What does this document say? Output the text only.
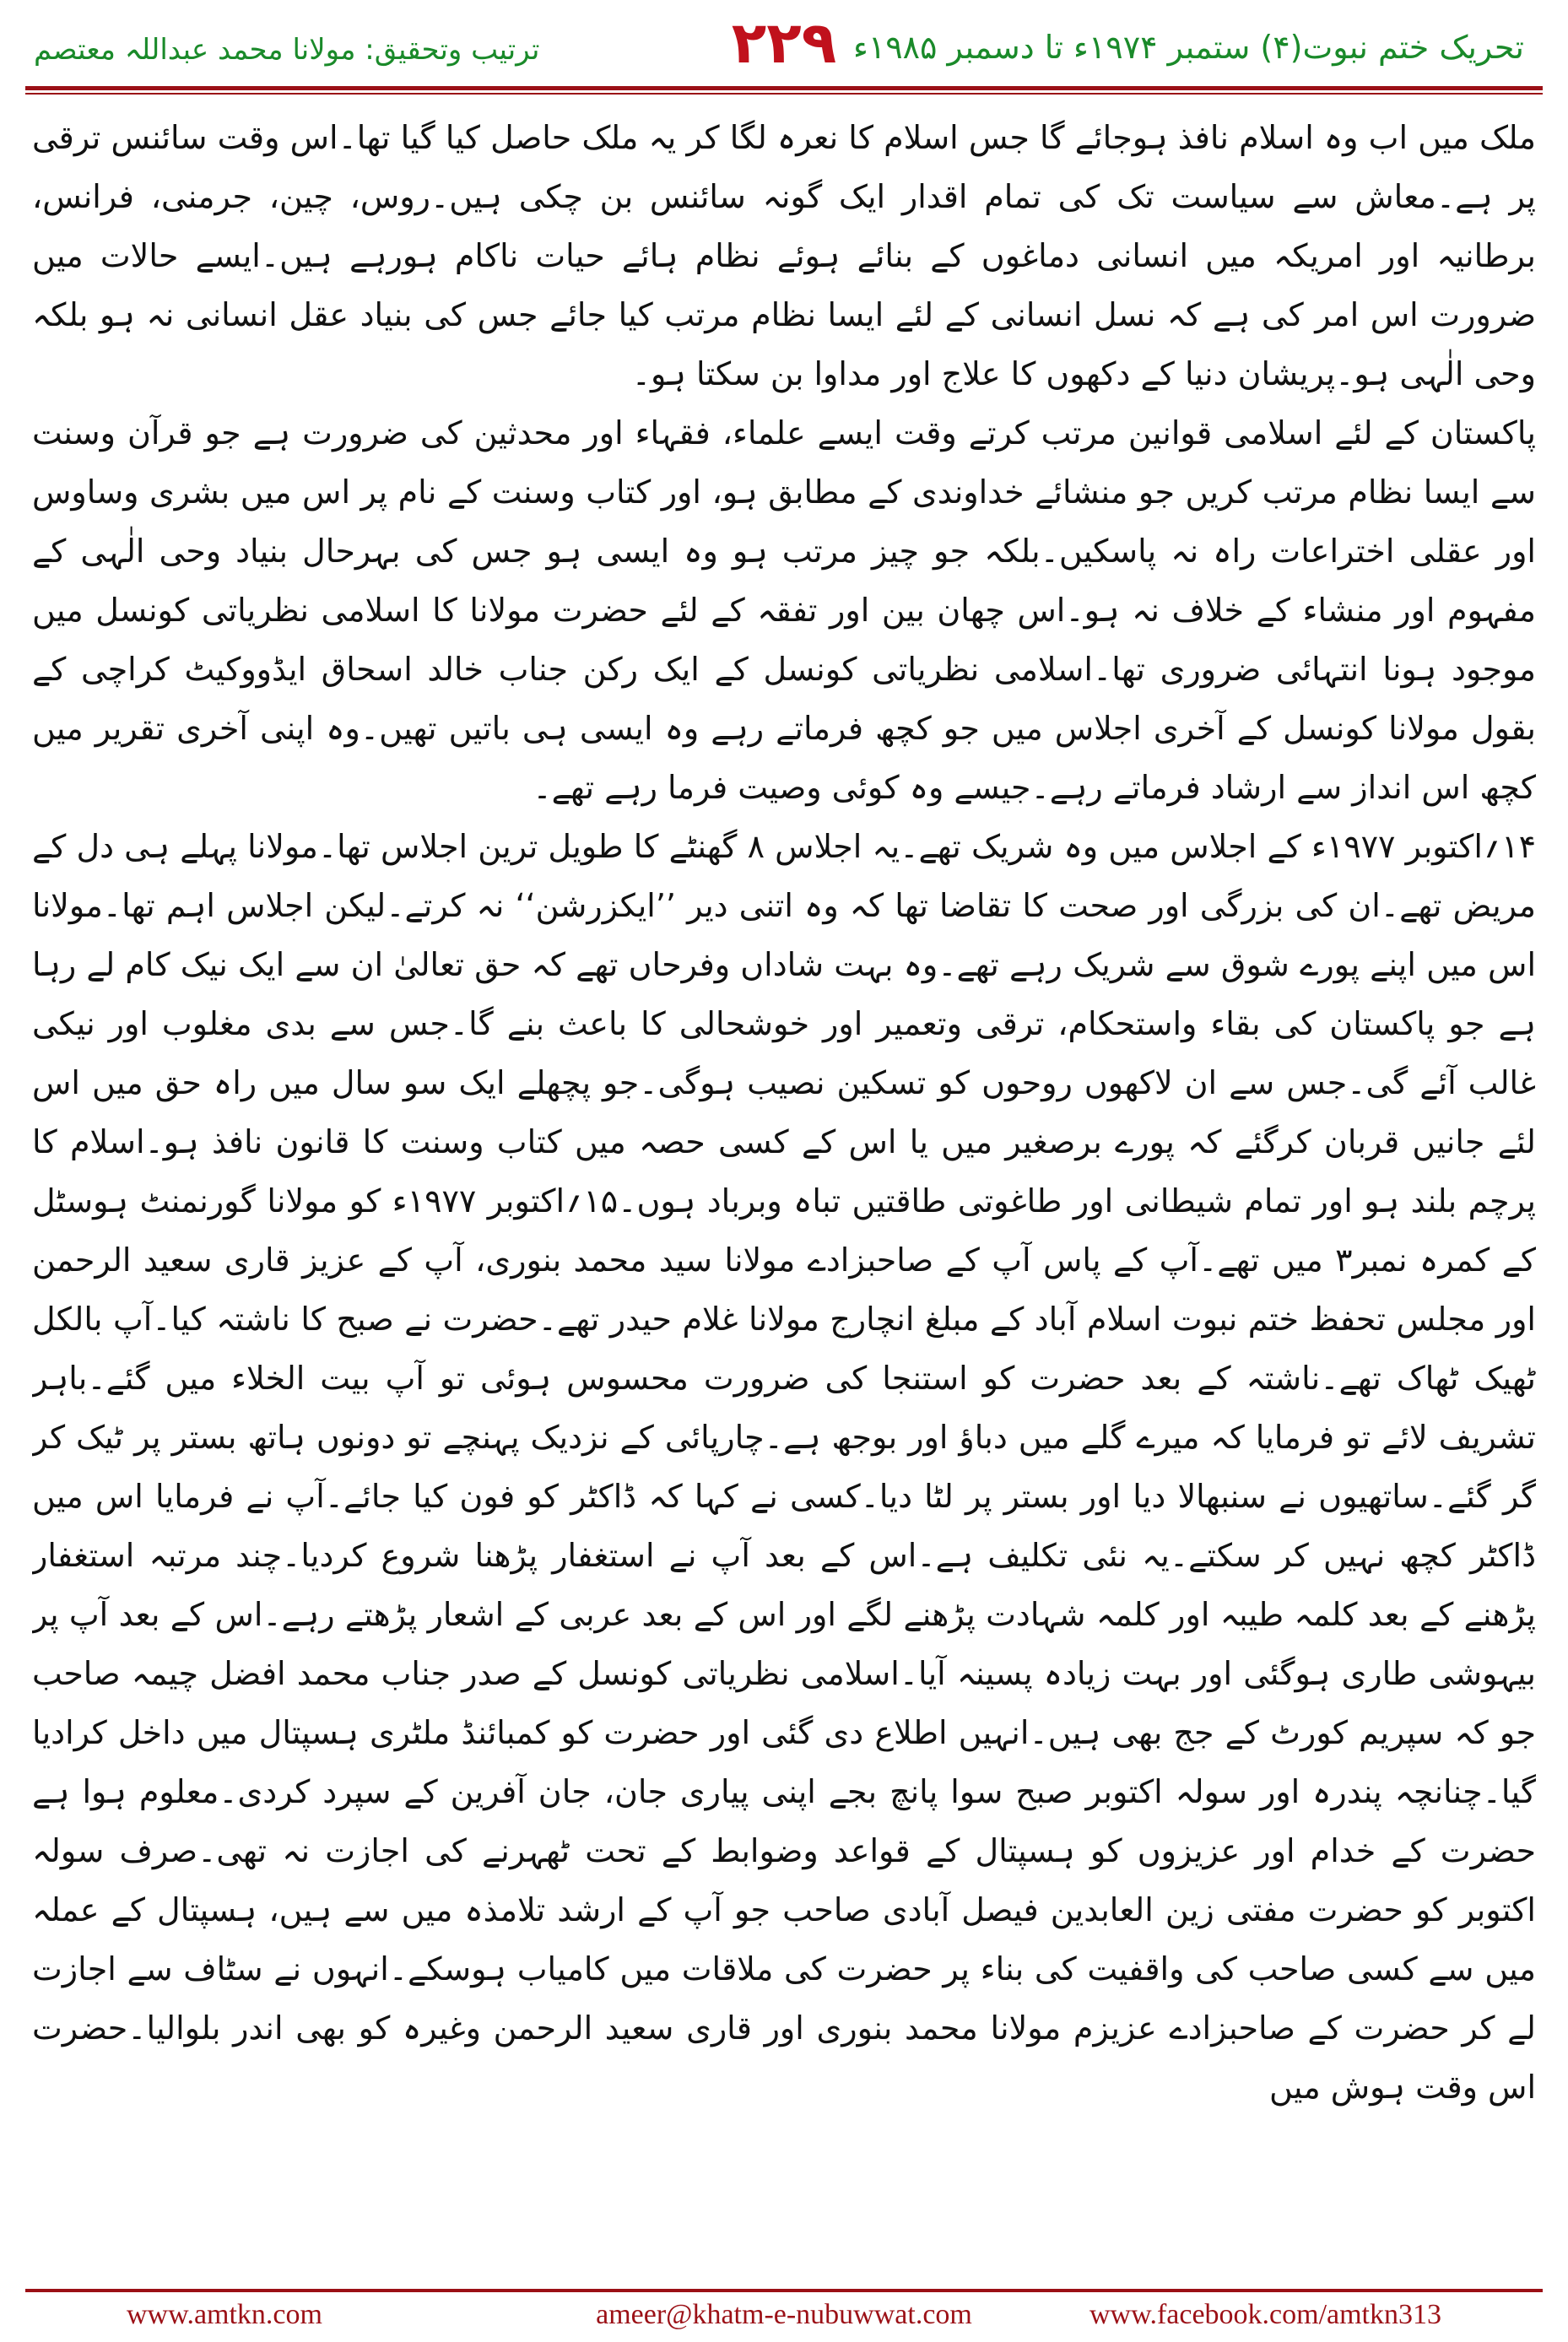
تحریک ختم نبوت(۴) ستمبر ۱۹۷۴ء تا دسمبر ۱۹۸۵ء
۲۲۹
ترتیب وتحقیق: مولانا محمد عبداللہ معتصم

ملک میں اب وہ اسلام نافذ ہوجائے گا جس اسلام کا نعرہ لگا کر یہ ملک حاصل کیا گیا تھا۔اس وقت سائنس ترقی پر ہے۔معاش سے سیاست تک کی تمام اقدار ایک گونہ سائنس بن چکی ہیں۔روس، چین، جرمنی، فرانس، برطانیہ اور امریکہ میں انسانی دماغوں کے بنائے ہوئے نظام ہائے حیات ناکام ہورہے ہیں۔ایسے حالات میں ضرورت اس امر کی ہے کہ نسل انسانی کے لئے ایسا نظام مرتب کیا جائے جس کی بنیاد عقل انسانی نہ ہو بلکہ وحی الٰہی ہو۔پریشان دنیا کے دکھوں کا علاج اور مداوا بن سکتا ہو۔

پاکستان کے لئے اسلامی قوانین مرتب کرتے وقت ایسے علماء، فقہاء اور محدثین کی ضرورت ہے جو قرآن وسنت سے ایسا نظام مرتب کریں جو منشائے خداوندی کے مطابق ہو، اور کتاب وسنت کے نام پر اس میں بشری وساوس اور عقلی اختراعات راہ نہ پاسکیں۔بلکہ جو چیز مرتب ہو وہ ایسی ہو جس کی بہرحال بنیاد وحی الٰہی کے مفہوم اور منشاء کے خلاف نہ ہو۔اس چھان بین اور تفقہ کے لئے حضرت مولانا کا اسلامی نظریاتی کونسل میں موجود ہونا انتہائی ضروری تھا۔اسلامی نظریاتی کونسل کے ایک رکن جناب خالد اسحاق ایڈووکیٹ کراچی کے بقول مولانا کونسل کے آخری اجلاس میں جو کچھ فرماتے رہے وہ ایسی ہی باتیں تھیں۔وہ اپنی آخری تقریر میں کچھ اس انداز سے ارشاد فرماتے رہے۔جیسے وہ کوئی وصیت فرما رہے تھے۔

۱۴؍اکتوبر ۱۹۷۷ء کے اجلاس میں وہ شریک تھے۔یہ اجلاس ۸ گھنٹے کا طویل ترین اجلاس تھا۔مولانا پہلے ہی دل کے مریض تھے۔ان کی بزرگی اور صحت کا تقاضا تھا کہ وہ اتنی دیر ’’ایکزرشن‘‘ نہ کرتے۔لیکن اجلاس اہم تھا۔مولانا اس میں اپنے پورے شوق سے شریک رہے تھے۔وہ بہت شاداں وفرحاں تھے کہ حق تعالیٰ ان سے ایک نیک کام لے رہا ہے جو پاکستان کی بقاء واستحکام، ترقی وتعمیر اور خوشحالی کا باعث بنے گا۔جس سے بدی مغلوب اور نیکی غالب آئے گی۔جس سے ان لاکھوں روحوں کو تسکین نصیب ہوگی۔جو پچھلے ایک سو سال میں راہ حق میں اس لئے جانیں قربان کرگئے کہ پورے برصغیر میں یا اس کے کسی حصہ میں کتاب وسنت کا قانون نافذ ہو۔اسلام کا پرچم بلند ہو اور تمام شیطانی اور طاغوتی طاقتیں تباہ وبرباد ہوں۔۱۵؍اکتوبر ۱۹۷۷ء کو مولانا گورنمنٹ ہوسٹل کے کمرہ نمبر۳ میں تھے۔آپ کے پاس آپ کے صاحبزادے مولانا سید محمد بنوری، آپ کے عزیز قاری سعید الرحمن اور مجلس تحفظ ختم نبوت اسلام آباد کے مبلغ انچارج مولانا غلام حیدر تھے۔حضرت نے صبح کا ناشتہ کیا۔آپ بالکل ٹھیک ٹھاک تھے۔ناشتہ کے بعد حضرت کو استنجا کی ضرورت محسوس ہوئی تو آپ بیت الخلاء میں گئے۔باہر تشریف لائے تو فرمایا کہ میرے گلے میں دباؤ اور بوجھ ہے۔چارپائی کے نزدیک پہنچے تو دونوں ہاتھ بستر پر ٹیک کر گر گئے۔ساتھیوں نے سنبھالا دیا اور بستر پر لٹا دیا۔کسی نے کہا کہ ڈاکٹر کو فون کیا جائے۔آپ نے فرمایا اس میں ڈاکٹر کچھ نہیں کر سکتے۔یہ نئی تکلیف ہے۔اس کے بعد آپ نے استغفار پڑھنا شروع کردیا۔چند مرتبہ استغفار پڑھنے کے بعد کلمہ طیبہ اور کلمہ شہادت پڑھنے لگے اور اس کے بعد عربی کے اشعار پڑھتے رہے۔اس کے بعد آپ پر بیہوشی طاری ہوگئی اور بہت زیادہ پسینہ آیا۔اسلامی نظریاتی کونسل کے صدر جناب محمد افضل چیمہ صاحب جو کہ سپریم کورٹ کے جج بھی ہیں۔انہیں اطلاع دی گئی اور حضرت کو کمبائنڈ ملٹری ہسپتال میں داخل کرادیا گیا۔چنانچہ پندرہ اور سولہ اکتوبر صبح سوا پانچ بجے اپنی پیاری جان، جان آفرین کے سپرد کردی۔معلوم ہوا ہے حضرت کے خدام اور عزیزوں کو ہسپتال کے قواعد وضوابط کے تحت ٹھہرنے کی اجازت نہ تھی۔صرف سولہ اکتوبر کو حضرت مفتی زین العابدین فیصل آبادی صاحب جو آپ کے ارشد تلامذہ میں سے ہیں، ہسپتال کے عملہ میں سے کسی صاحب کی واقفیت کی بناء پر حضرت کی ملاقات میں کامیاب ہوسکے۔انہوں نے سٹاف سے اجازت لے کر حضرت کے صاحبزادے عزیزم مولانا محمد بنوری اور قاری سعید الرحمن وغیرہ کو بھی اندر بلوالیا۔حضرت اس وقت ہوش میں

www.amtkn.com	ameer@khatm-e-nubuwwat.com	www.facebook.com/amtkn313
